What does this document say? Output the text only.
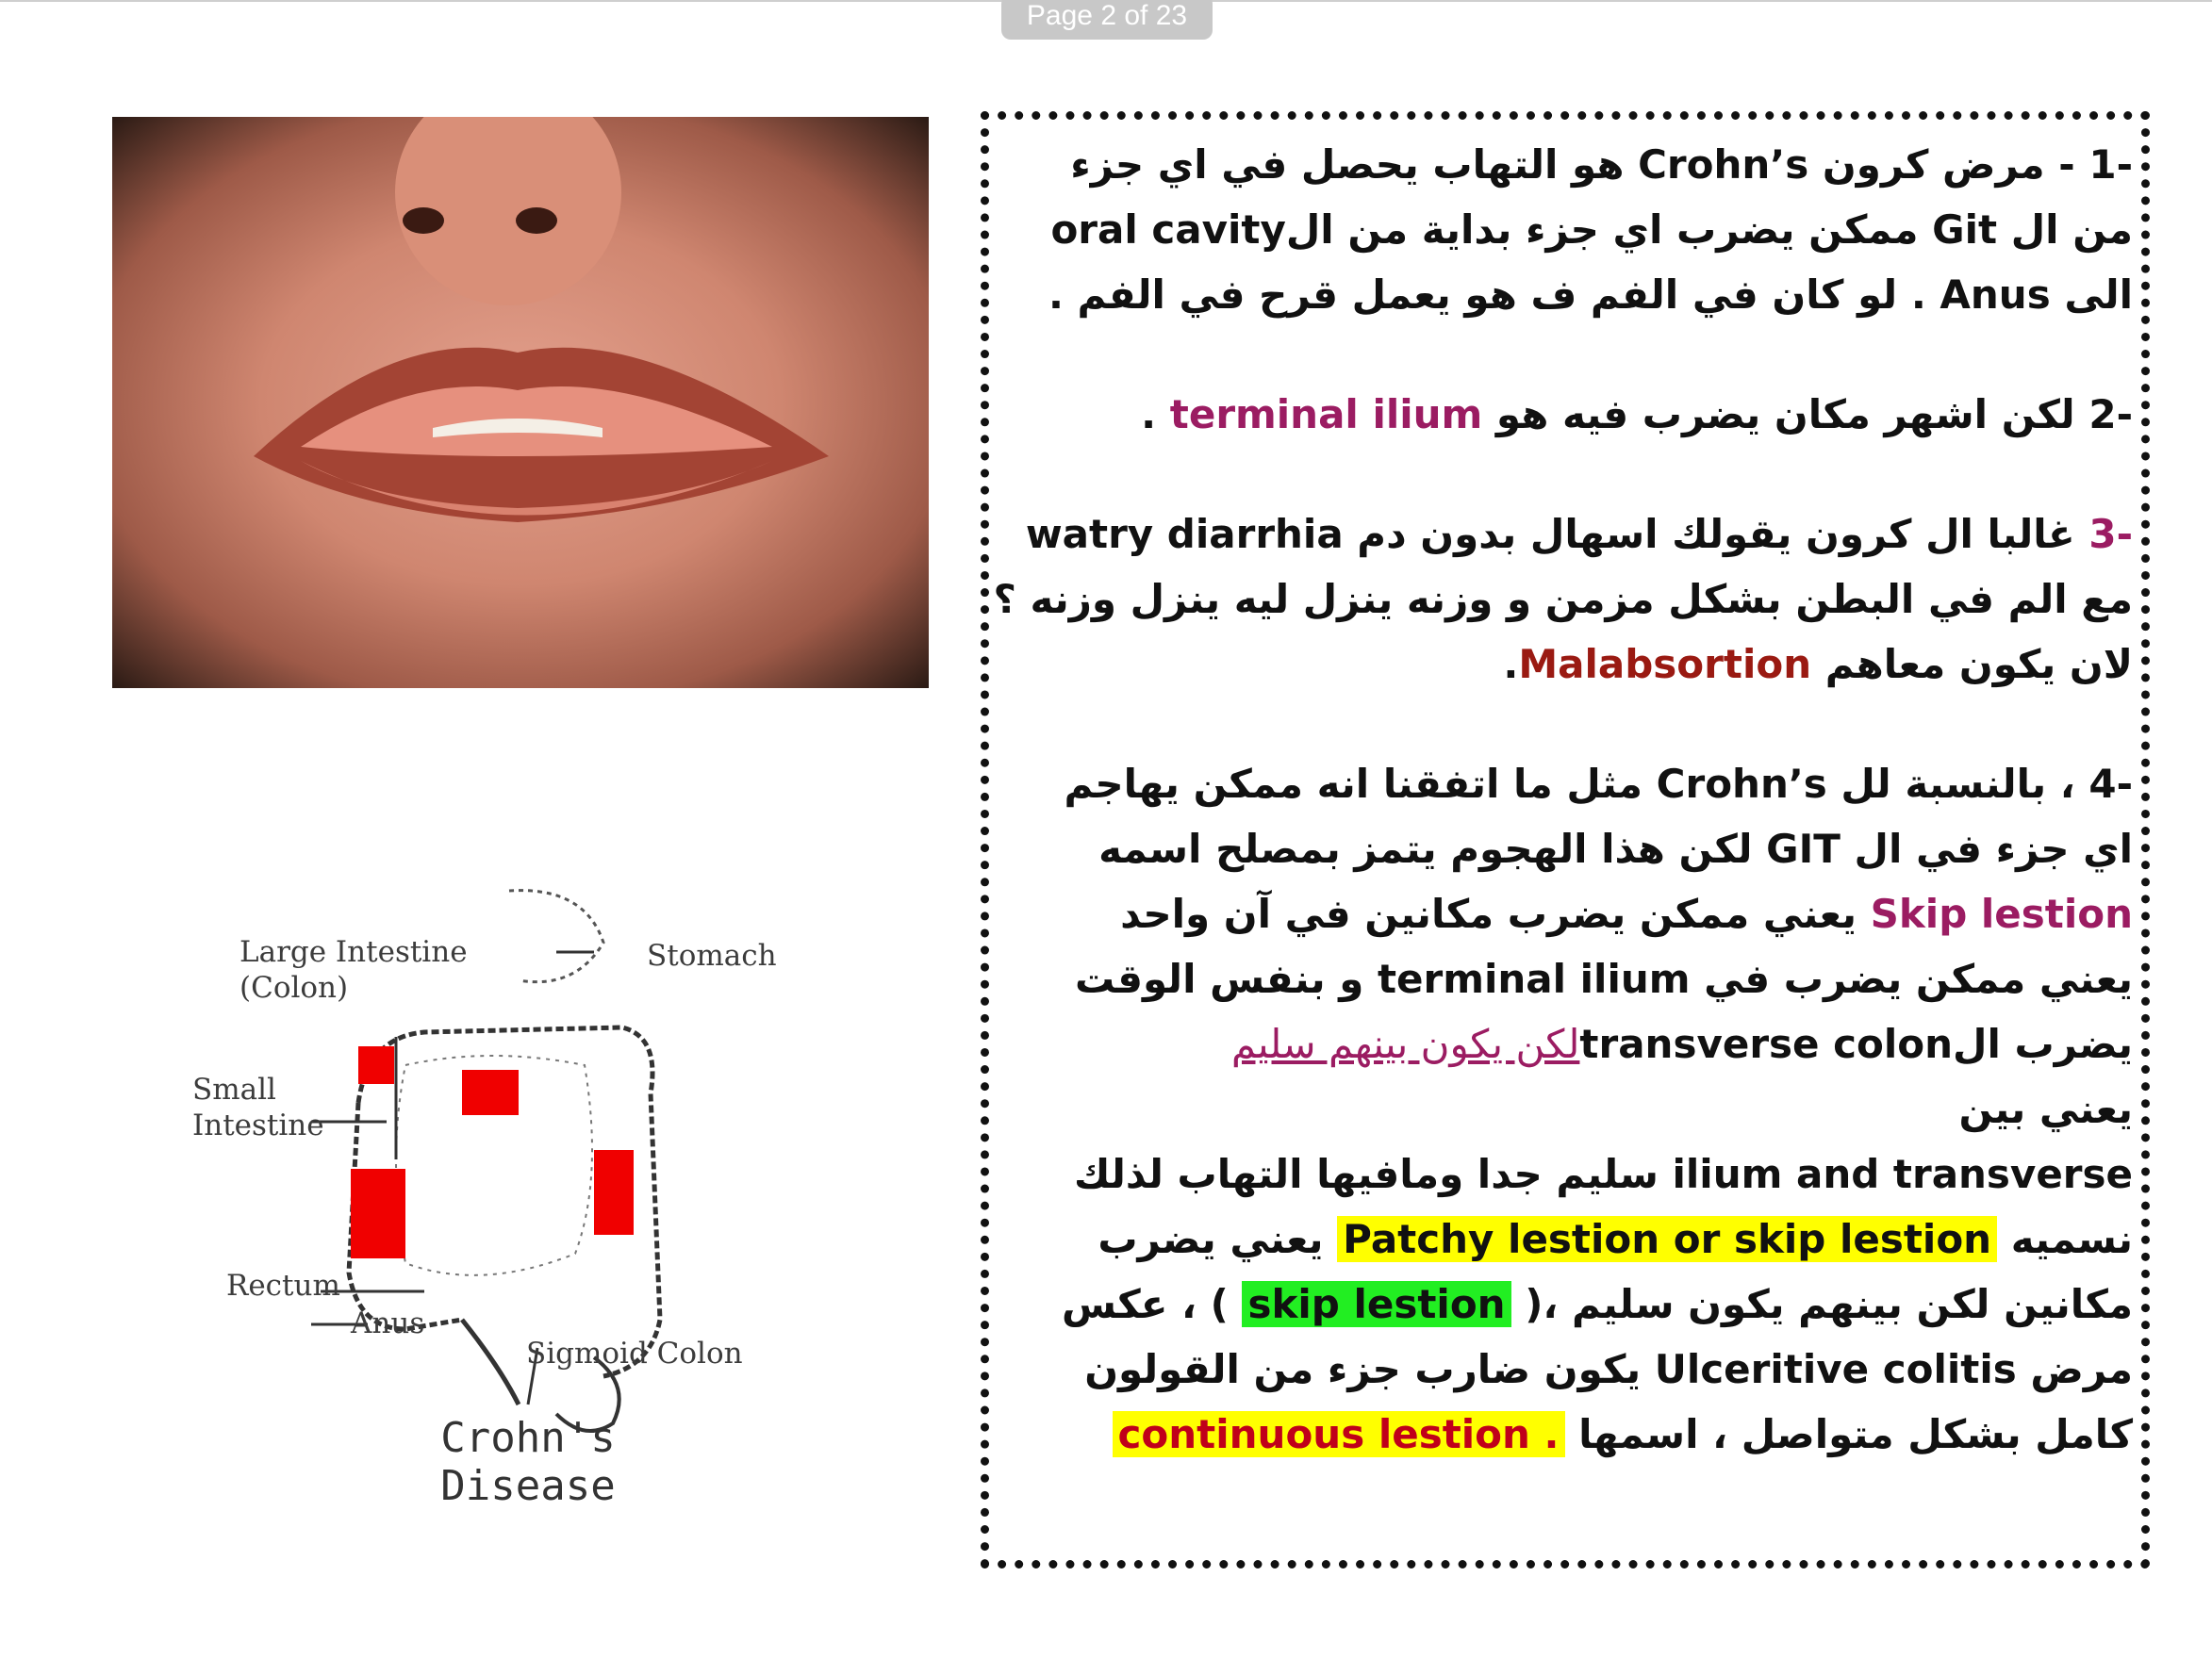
Page 2 of 23
Large Intestine
(Colon)
Stomach
Small
Intestine
Rectum
Anus
Sigmoid Colon
Crohn's Disease
-1 - مرض كرون Crohn’s هو التهاب يحصل في اي جزء
من ال Git ممكن يضرب اي جزء بداية من الoral cavity
الى Anus . لو كان في الفم ف هو يعمل قرح في الفم .
-2 لكن اشهر مكان يضرب فيه هو terminal ilium .
-3 غالبا ال كرون يقولك اسهال بدون دم watry diarrhia
مع الم في البطن بشكل مزمن و وزنه ينزل ليه ينزل وزنه ؟
لان يكون معاهم Malabsortion.
-4 ، بالنسبة لل Crohn’s مثل ما اتفقنا انه ممكن يهاجم
اي جزء في ال GIT لكن هذا الهجوم يتمز بمصلح اسمه
Skip lestion يعني ممكن يضرب مكانين في آن واحد
يعني ممكن يضرب في terminal ilium و بنفس الوقت
يضرب الtransverse colonلكن يكون بينهم سليم
يعني بين
ilium and transverse سليم جدا ومافيها التهاب لذلك
نسميه Patchy lestion or skip lestion يعني يضرب
مكانين لكن بينهم يكون سليم ،( skip lestion ) ، عكس
مرض Ulceritive colitis يكون ضارب جزء من القولون
كامل بشكل متواصل ، اسمها continuous lestion .
